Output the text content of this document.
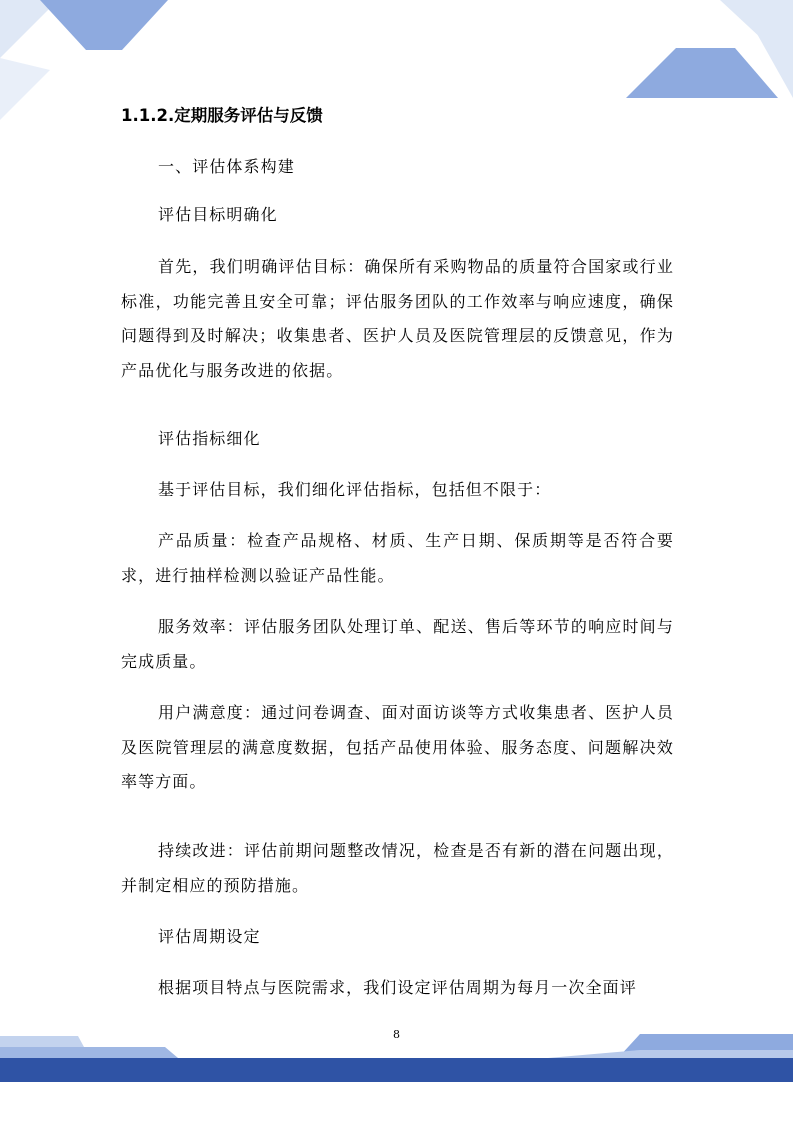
1.1.2.定期服务评估与反馈

一、评估体系构建

评估目标明确化

首先，我们明确评估目标：确保所有采购物品的质量符合国家或行业标准，功能完善且安全可靠；评估服务团队的工作效率与响应速度，确保问题得到及时解决；收集患者、医护人员及医院管理层的反馈意见，作为产品优化与服务改进的依据。

评估指标细化

基于评估目标，我们细化评估指标，包括但不限于：

产品质量：检查产品规格、材质、生产日期、保质期等是否符合要求，进行抽样检测以验证产品性能。

服务效率：评估服务团队处理订单、配送、售后等环节的响应时间与完成质量。

用户满意度：通过问卷调查、面对面访谈等方式收集患者、医护人员及医院管理层的满意度数据，包括产品使用体验、服务态度、问题解决效率等方面。

持续改进：评估前期问题整改情况，检查是否有新的潜在问题出现，并制定相应的预防措施。

评估周期设定

根据项目特点与医院需求，我们设定评估周期为每月一次全面评

8
